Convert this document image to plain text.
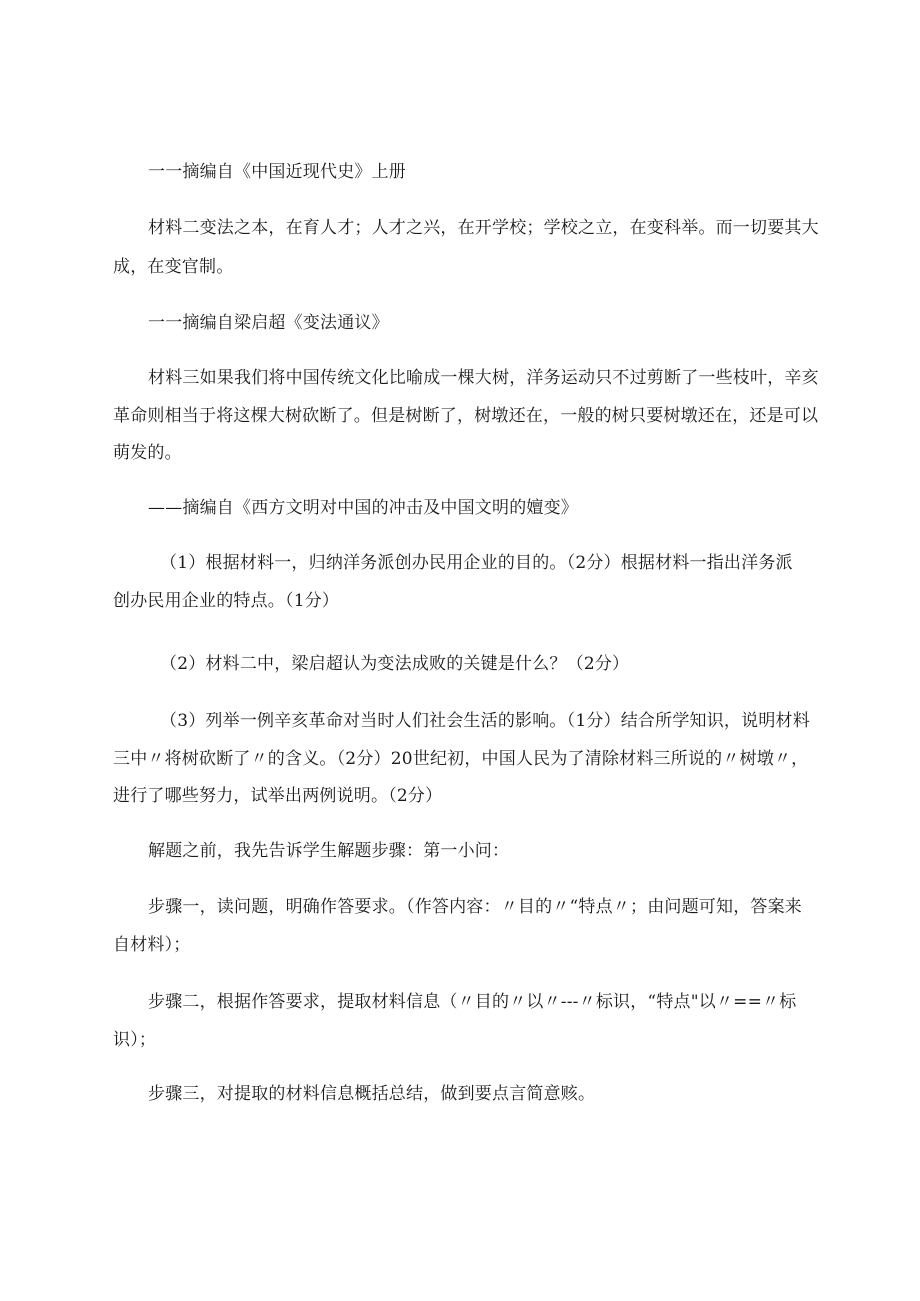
一一摘编自《中国近现代史》上册
材料二变法之本，在育人才；人才之兴，在开学校；学校之立，在变科举。而一切要其大
成，在变官制。
一一摘编自梁启超《变法通议》
材料三如果我们将中国传统文化比喻成一棵大树，洋务运动只不过剪断了一些枝叶，辛亥
革命则相当于将这棵大树砍断了。但是树断了，树墩还在，一般的树只要树墩还在，还是可以
萌发的。
——摘编自《西方文明对中国的冲击及中国文明的嬗变》
（1）根据材料一，归纳洋务派创办民用企业的目的。（2分）根据材料一指出洋务派
创办民用企业的特点。（1分）
（2）材料二中，梁启超认为变法成败的关键是什么？（2分）
（3）列举一例辛亥革命对当时人们社会生活的影响。（1分）结合所学知识，说明材料
三中〃将树砍断了〃的含义。（2分）20世纪初，中国人民为了清除材料三所说的〃树墩〃，
进行了哪些努力，试举出两例说明。（2分）
解题之前，我先告诉学生解题步骤：第一小问：
步骤一，读问题，明确作答要求。（作答内容：〃目的〃“特点〃；由问题可知，答案来
自材料）；
步骤二，根据作答要求，提取材料信息（〃目的〃以〃---〃标识，“特点"以〃==〃标
识）；
步骤三，对提取的材料信息概括总结，做到要点言简意赅。
